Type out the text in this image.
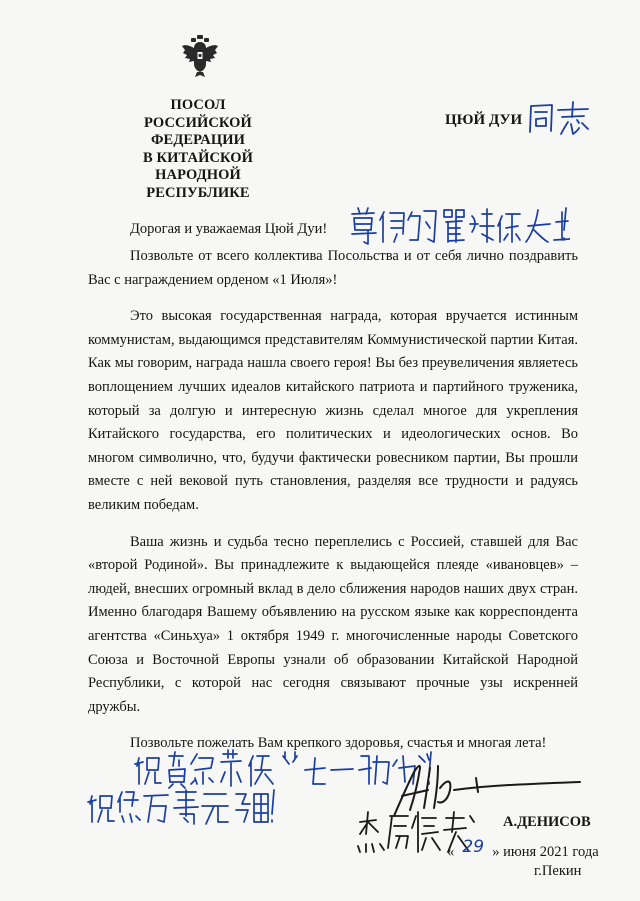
ПОСОЛ
РОССИЙСКОЙ ФЕДЕРАЦИИ
В КИТАЙСКОЙ НАРОДНОЙ
РЕСПУБЛИКЕ
ЦЮЙ ДУИ
Дорогая и уважаемая Цюй Дуи!

Позвольте от всего коллектива Посольства и от себя лично поздравить Вас с награждением орденом «1 Июля»!

Это высокая государственная награда, которая вручается истинным коммунистам, выдающимся представителям Коммунистической партии Китая. Как мы говорим, награда нашла своего героя! Вы без преувеличения являетесь воплощением лучших идеалов китайского патриота и партийного труженика, который за долгую и интересную жизнь сделал многое для укрепления Китайского государства, его политических и идеологических основ. Во многом символично, что, будучи фактически ровесником партии, Вы прошли вместе с ней вековой путь становления, разделяя все трудности и радуясь великим победам.

Ваша жизнь и судьба тесно переплелись с Россией, ставшей для Вас «второй Родиной». Вы принадлежите к выдающейся плеяде «ивановцев» – людей, внесших огромный вклад в дело сближения народов наших двух стран. Именно благодаря Вашему объявлению на русском языке как корреспондента агентства «Синьхуа» 1 октября 1949 г. многочисленные народы Советского Союза и Восточной Европы узнали об образовании Китайской Народной Республики, с которой нас сегодня связывают прочные узы искренней дружбы.

Позвольте пожелать Вам крепкого здоровья, счастья и многая лета!

А.ДЕНИСОВ
« 29 » июня 2021 года
г.Пекин
